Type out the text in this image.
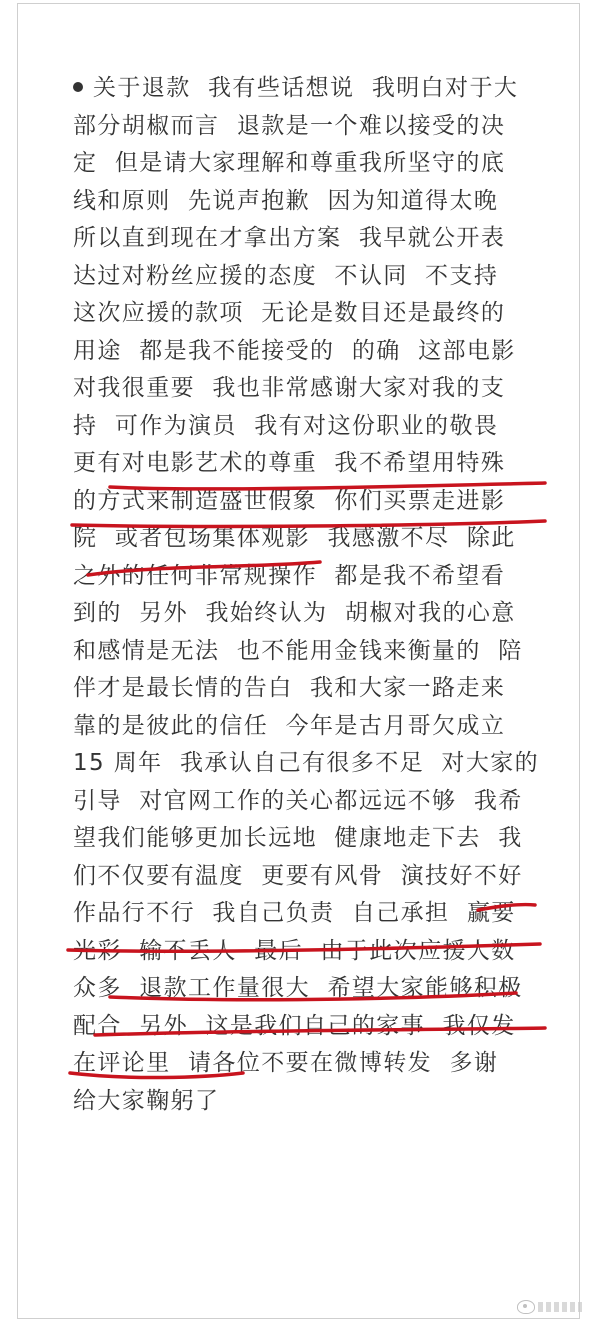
关于退款  我有些话想说  我明白对于大
部分胡椒而言  退款是一个难以接受的决
定  但是请大家理解和尊重我所坚守的底
线和原则  先说声抱歉  因为知道得太晚
所以直到现在才拿出方案  我早就公开表
达过对粉丝应援的态度  不认同  不支持
这次应援的款项  无论是数目还是最终的
用途  都是我不能接受的  的确  这部电影
对我很重要  我也非常感谢大家对我的支
持  可作为演员  我有对这份职业的敬畏
更有对电影艺术的尊重  我不希望用特殊
的方式来制造盛世假象  你们买票走进影
院  或者包场集体观影  我感激不尽  除此
之外的任何非常规操作  都是我不希望看
到的  另外  我始终认为  胡椒对我的心意
和感情是无法  也不能用金钱来衡量的  陪
伴才是最长情的告白  我和大家一路走来
靠的是彼此的信任  今年是古月哥欠成立
15 周年  我承认自己有很多不足  对大家的
引导  对官网工作的关心都远远不够  我希
望我们能够更加长远地  健康地走下去  我
们不仅要有温度  更要有风骨  演技好不好
作品行不行  我自己负责  自己承担  赢要
光彩  输不丢人  最后  由于此次应援人数
众多  退款工作量很大  希望大家能够积极
配合  另外  这是我们自己的家事  我仅发
在评论里  请各位不要在微博转发  多谢
给大家鞠躬了
